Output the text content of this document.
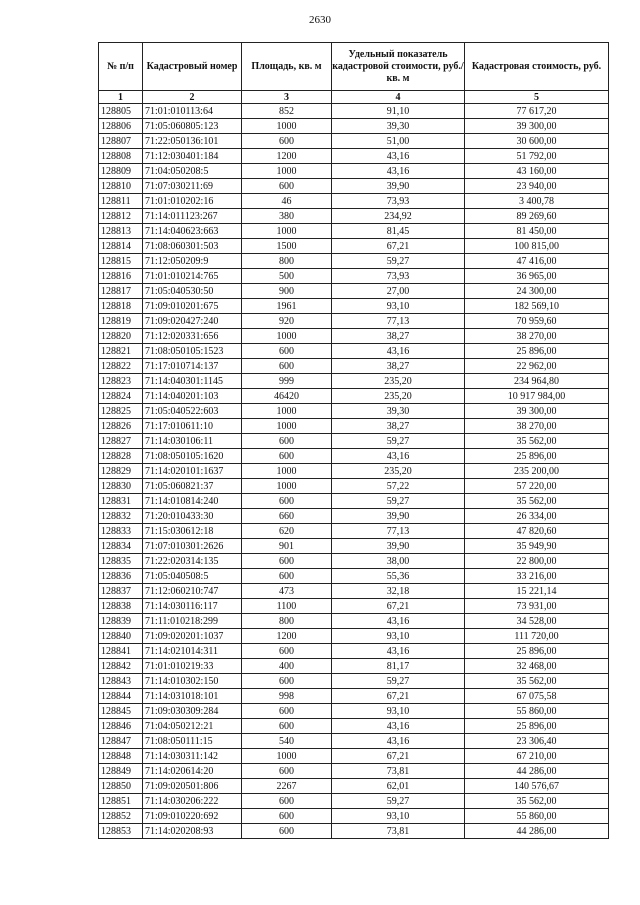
2630
№ п/п	Кадастровый номер	Площадь, кв. м	Удельный показатель кадастровой стоимости, руб./кв. м	Кадастровая стоимость, руб.
1	2	3	4	5
128805	71:01:010113:64	852	91,10	77 617,20
128806	71:05:060805:123	1000	39,30	39 300,00
128807	71:22:050136:101	600	51,00	30 600,00
128808	71:12:030401:184	1200	43,16	51 792,00
128809	71:04:050208:5	1000	43,16	43 160,00
128810	71:07:030211:69	600	39,90	23 940,00
128811	71:01:010202:16	46	73,93	3 400,78
128812	71:14:011123:267	380	234,92	89 269,60
128813	71:14:040623:663	1000	81,45	81 450,00
128814	71:08:060301:503	1500	67,21	100 815,00
128815	71:12:050209:9	800	59,27	47 416,00
128816	71:01:010214:765	500	73,93	36 965,00
128817	71:05:040530:50	900	27,00	24 300,00
128818	71:09:010201:675	1961	93,10	182 569,10
128819	71:09:020427:240	920	77,13	70 959,60
128820	71:12:020331:656	1000	38,27	38 270,00
128821	71:08:050105:1523	600	43,16	25 896,00
128822	71:17:010714:137	600	38,27	22 962,00
128823	71:14:040301:1145	999	235,20	234 964,80
128824	71:14:040201:103	46420	235,20	10 917 984,00
128825	71:05:040522:603	1000	39,30	39 300,00
128826	71:17:010611:10	1000	38,27	38 270,00
128827	71:14:030106:11	600	59,27	35 562,00
128828	71:08:050105:1620	600	43,16	25 896,00
128829	71:14:020101:1637	1000	235,20	235 200,00
128830	71:05:060821:37	1000	57,22	57 220,00
128831	71:14:010814:240	600	59,27	35 562,00
128832	71:20:010433:30	660	39,90	26 334,00
128833	71:15:030612:18	620	77,13	47 820,60
128834	71:07:010301:2626	901	39,90	35 949,90
128835	71:22:020314:135	600	38,00	22 800,00
128836	71:05:040508:5	600	55,36	33 216,00
128837	71:12:060210:747	473	32,18	15 221,14
128838	71:14:030116:117	1100	67,21	73 931,00
128839	71:11:010218:299	800	43,16	34 528,00
128840	71:09:020201:1037	1200	93,10	111 720,00
128841	71:14:021014:311	600	43,16	25 896,00
128842	71:01:010219:33	400	81,17	32 468,00
128843	71:14:010302:150	600	59,27	35 562,00
128844	71:14:031018:101	998	67,21	67 075,58
128845	71:09:030309:284	600	93,10	55 860,00
128846	71:04:050212:21	600	43,16	25 896,00
128847	71:08:050111:15	540	43,16	23 306,40
128848	71:14:030311:142	1000	67,21	67 210,00
128849	71:14:020614:20	600	73,81	44 286,00
128850	71:09:020501:806	2267	62,01	140 576,67
128851	71:14:030206:222	600	59,27	35 562,00
128852	71:09:010220:692	600	93,10	55 860,00
128853	71:14:020208:93	600	73,81	44 286,00
